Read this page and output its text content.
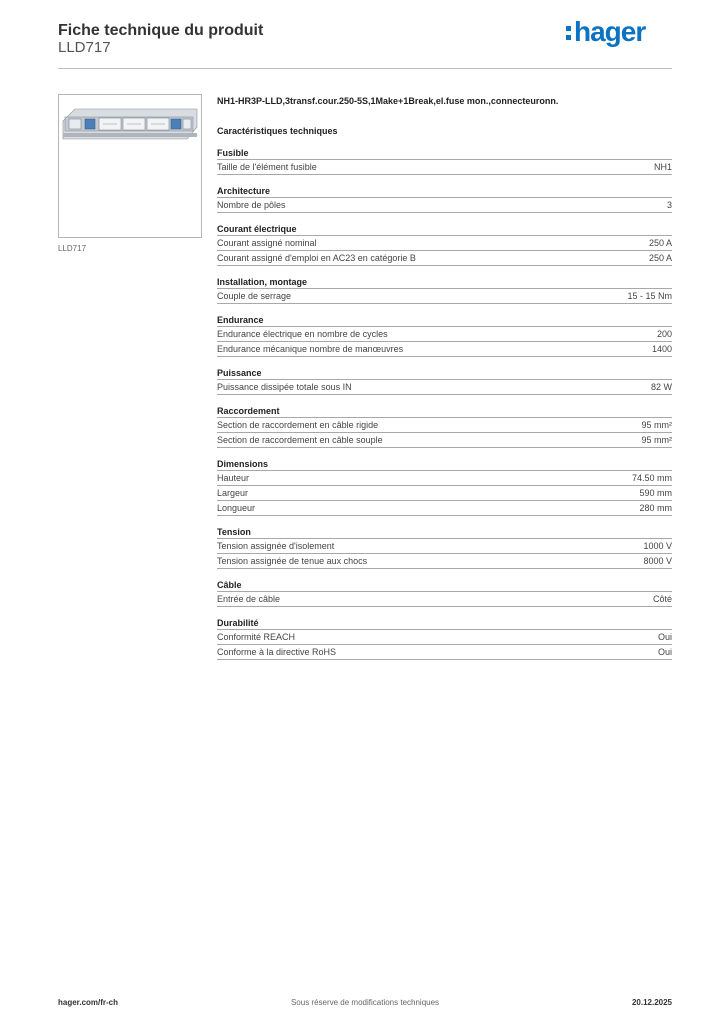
Fiche technique du produit
LLD717
hager
LLD717
NH1-HR3P-LLD,3transf.cour.250-5S,1Make+1Break,el.fuse mon.,connecteuronn.
Caractéristiques techniques
Fusible
Taille de l'élément fusible	NH1
Architecture
Nombre de pôles	3
Courant électrique
Courant assigné nominal	250 A
Courant assigné d'emploi en AC23 en catégorie B	250 A
Installation, montage
Couple de serrage	15 - 15 Nm
Endurance
Endurance électrique en nombre de cycles	200
Endurance mécanique nombre de manœuvres	1400
Puissance
Puissance dissipée totale sous IN	82 W
Raccordement
Section de raccordement en câble rigide	95 mm²
Section de raccordement en câble souple	95 mm²
Dimensions
Hauteur	74.50 mm
Largeur	590 mm
Longueur	280 mm
Tension
Tension assignée d'isolement	1000 V
Tension assignée de tenue aux chocs	8000 V
Câble
Entrée de câble	Côté
Durabilité
Conformité REACH	Oui
Conforme à la directive RoHS	Oui
hager.com/fr-ch	Sous réserve de modifications techniques	20.12.2025
